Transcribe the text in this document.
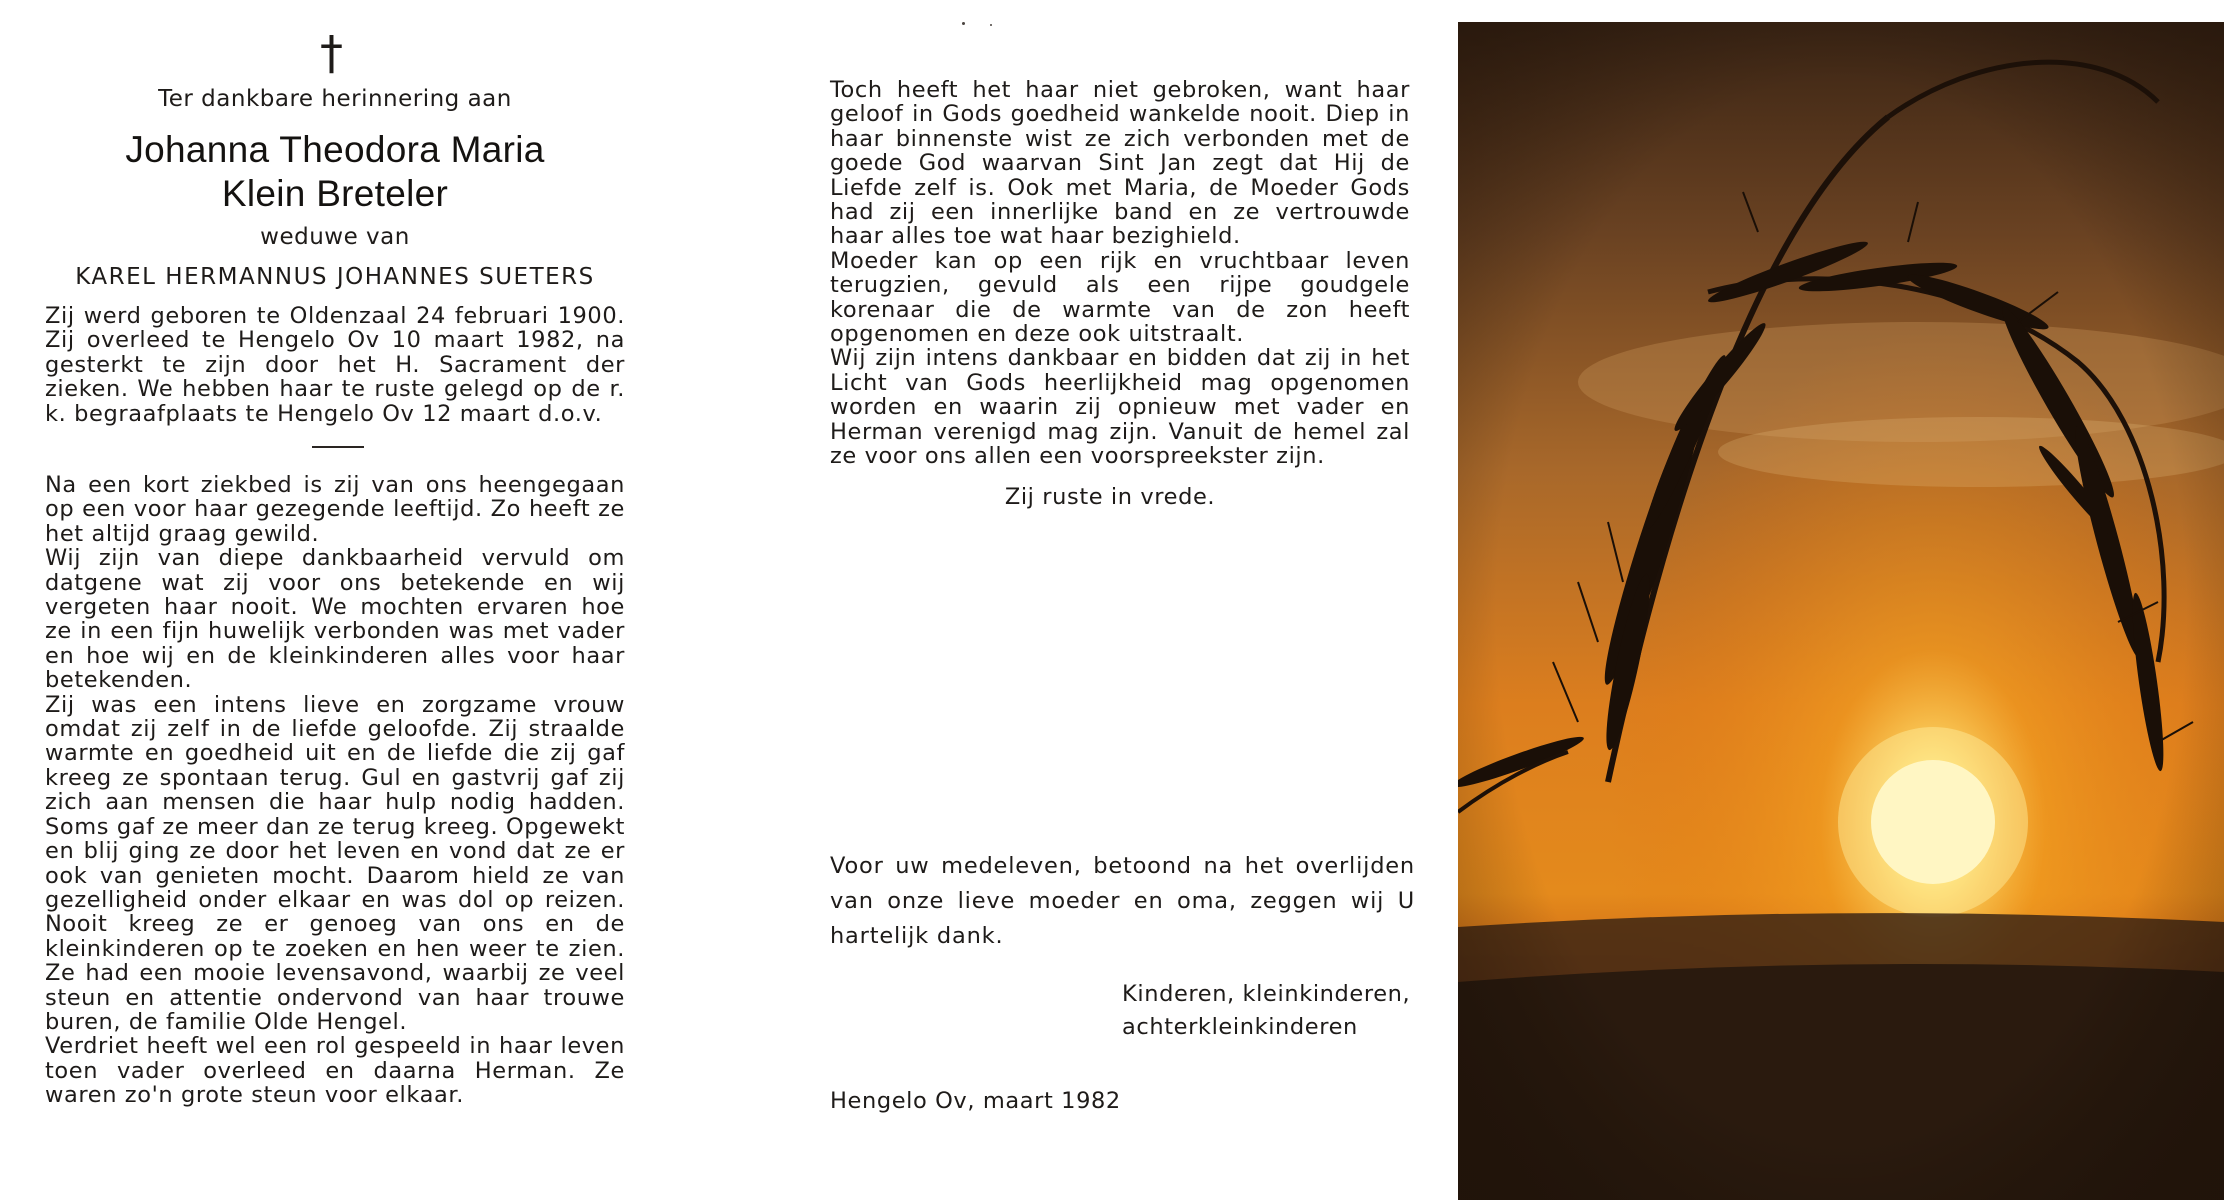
†
Ter dankbare herinnering aan
Johanna Theodora Maria
Klein Breteler
weduwe van
KAREL HERMANNUS JOHANNES SUETERS

Zij werd geboren te Oldenzaal 24 februari 1900. Zij overleed te Hengelo Ov 10 maart 1982, na gesterkt te zijn door het H. Sacrament der zieken. We hebben haar te ruste gelegd op de r. k. begraafplaats te Hengelo Ov 12 maart d.o.v.

Na een kort ziekbed is zij van ons heengegaan op een voor haar gezegende leeftijd. Zo heeft ze het altijd graag gewild.

Wij zijn van diepe dankbaarheid vervuld om datgene wat zij voor ons betekende en wij vergeten haar nooit. We mochten ervaren hoe ze in een fijn huwelijk verbonden was met vader en hoe wij en de kleinkinderen alles voor haar betekenden.

Zij was een intens lieve en zorgzame vrouw omdat zij zelf in de liefde geloofde. Zij straalde warmte en goedheid uit en de liefde die zij gaf kreeg ze spontaan terug. Gul en gastvrij gaf zij zich aan mensen die haar hulp nodig hadden. Soms gaf ze meer dan ze terug kreeg. Opgewekt en blij ging ze door het leven en vond dat ze er ook van genieten mocht. Daarom hield ze van gezelligheid onder elkaar en was dol op reizen. Nooit kreeg ze er genoeg van ons en de kleinkinderen op te zoeken en hen weer te zien. Ze had een mooie levensavond, waarbij ze veel steun en attentie ondervond van haar trouwe buren, de familie Olde Hengel.

Verdriet heeft wel een rol gespeeld in haar leven toen vader overleed en daarna Herman. Ze waren zo'n grote steun voor elkaar.

Toch heeft het haar niet gebroken, want haar geloof in Gods goedheid wankelde nooit. Diep in haar binnenste wist ze zich verbonden met de goede God waarvan Sint Jan zegt dat Hij de Liefde zelf is. Ook met Maria, de Moeder Gods had zij een innerlijke band en ze vertrouwde haar alles toe wat haar bezighield.

Moeder kan op een rijk en vruchtbaar leven terugzien, gevuld als een rijpe goudgele korenaar die de warmte van de zon heeft opgenomen en deze ook uitstraalt.

Wij zijn intens dankbaar en bidden dat zij in het Licht van Gods heerlijkheid mag opgenomen worden en waarin zij opnieuw met vader en Herman verenigd mag zijn. Vanuit de hemel zal ze voor ons allen een voorspreekster zijn.

Zij ruste in vrede.
Voor uw medeleven, betoond na het overlijden van onze lieve moeder en oma, zeggen wij U hartelijk dank.
Kinderen, kleinkinderen,
achterkleinkinderen
Hengelo Ov, maart 1982
